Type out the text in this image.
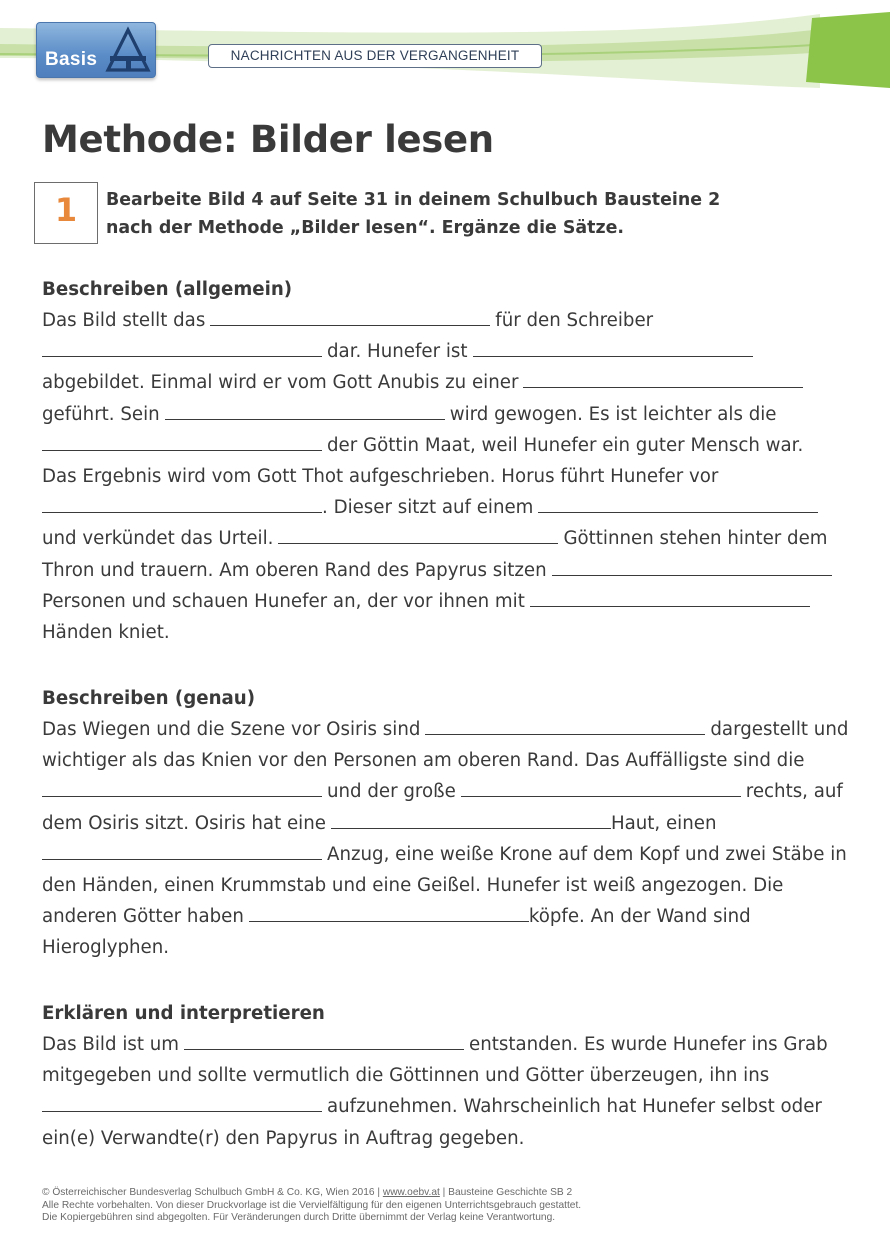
Basis	NACHRICHTEN AUS DER VERGANGENHEIT
Methode: Bilder lesen
1	Bearbeite Bild 4 auf Seite 31 in deinem Schulbuch Bausteine 2
nach der Methode „Bilder lesen“. Ergänze die Sätze.
Beschreiben (allgemein)
Das Bild stellt das	für den Schreiber
dar. Hunefer ist
abgebildet. Einmal wird er vom Gott Anubis zu einer
geführt. Sein	wird gewogen. Es ist leichter als die
der Göttin Maat, weil Hunefer ein guter Mensch war.
Das Ergebnis wird vom Gott Thot aufgeschrieben. Horus führt Hunefer vor
. Dieser sitzt auf einem
und verkündet das Urteil.	Göttinnen stehen hinter dem
Thron und trauern. Am oberen Rand des Papyrus sitzen
Personen und schauen Hunefer an, der vor ihnen mit
Händen kniet.
Beschreiben (genau)
Das Wiegen und die Szene vor Osiris sind	dargestellt und
wichtiger als das Knien vor den Personen am oberen Rand. Das Auffälligste sind die
und der große	rechts, auf
dem Osiris sitzt. Osiris hat eine	Haut, einen
Anzug, eine weiße Krone auf dem Kopf und zwei Stäbe in
den Händen, einen Krummstab und eine Geißel. Hunefer ist weiß angezogen. Die
anderen Götter haben	köpfe. An der Wand sind
Hieroglyphen.
Erklären und interpretieren
Das Bild ist um	entstanden. Es wurde Hunefer ins Grab
mitgegeben und sollte vermutlich die Göttinnen und Götter überzeugen, ihn ins
aufzunehmen. Wahrscheinlich hat Hunefer selbst oder
ein(e) Verwandte(r) den Papyrus in Auftrag gegeben.
© Österreichischer Bundesverlag Schulbuch GmbH & Co. KG, Wien 2016 | www.oebv.at | Bausteine Geschichte SB 2
Alle Rechte vorbehalten. Von dieser Druckvorlage ist die Vervielfältigung für den eigenen Unterrichtsgebrauch gestattet.
Die Kopiergebühren sind abgegolten. Für Veränderungen durch Dritte übernimmt der Verlag keine Verantwortung.
